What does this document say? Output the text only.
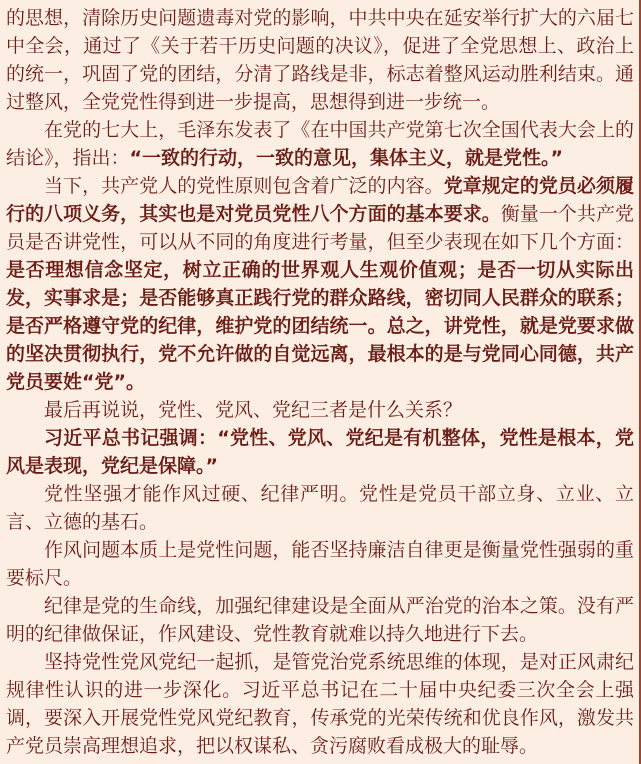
的思想，清除历史问题遗毒对党的影响，中共中央在延安举行扩大的六届七中全会，通过了《关于若干历史问题的决议》，促进了全党思想上、政治上的统一，巩固了党的团结，分清了路线是非，标志着整风运动胜利结束。通过整风，全党党性得到进一步提高，思想得到进一步统一。

在党的七大上，毛泽东发表了《在中国共产党第七次全国代表大会上的结论》，指出：“一致的行动，一致的意见，集体主义，就是党性。”

当下，共产党人的党性原则包含着广泛的内容。党章规定的党员必须履行的八项义务，其实也是对党员党性八个方面的基本要求。衡量一个共产党员是否讲党性，可以从不同的角度进行考量，但至少表现在如下几个方面：是否理想信念坚定，树立正确的世界观人生观价值观；是否一切从实际出发，实事求是；是否能够真正践行党的群众路线，密切同人民群众的联系；是否严格遵守党的纪律，维护党的团结统一。总之，讲党性，就是党要求做的坚决贯彻执行，党不允许做的自觉远离，最根本的是与党同心同德，共产党员要姓“党”。

最后再说说，党性、党风、党纪三者是什么关系？

习近平总书记强调：“党性、党风、党纪是有机整体，党性是根本，党风是表现，党纪是保障。”

党性坚强才能作风过硬、纪律严明。党性是党员干部立身、立业、立言、立德的基石。

作风问题本质上是党性问题，能否坚持廉洁自律更是衡量党性强弱的重要标尺。

纪律是党的生命线，加强纪律建设是全面从严治党的治本之策。没有严明的纪律做保证，作风建设、党性教育就难以持久地进行下去。

坚持党性党风党纪一起抓，是管党治党系统思维的体现，是对正风肃纪规律性认识的进一步深化。习近平总书记在二十届中央纪委三次全会上强调，要深入开展党性党风党纪教育，传承党的光荣传统和优良作风，激发共产党员崇高理想追求，把以权谋私、贪污腐败看成极大的耻辱。
